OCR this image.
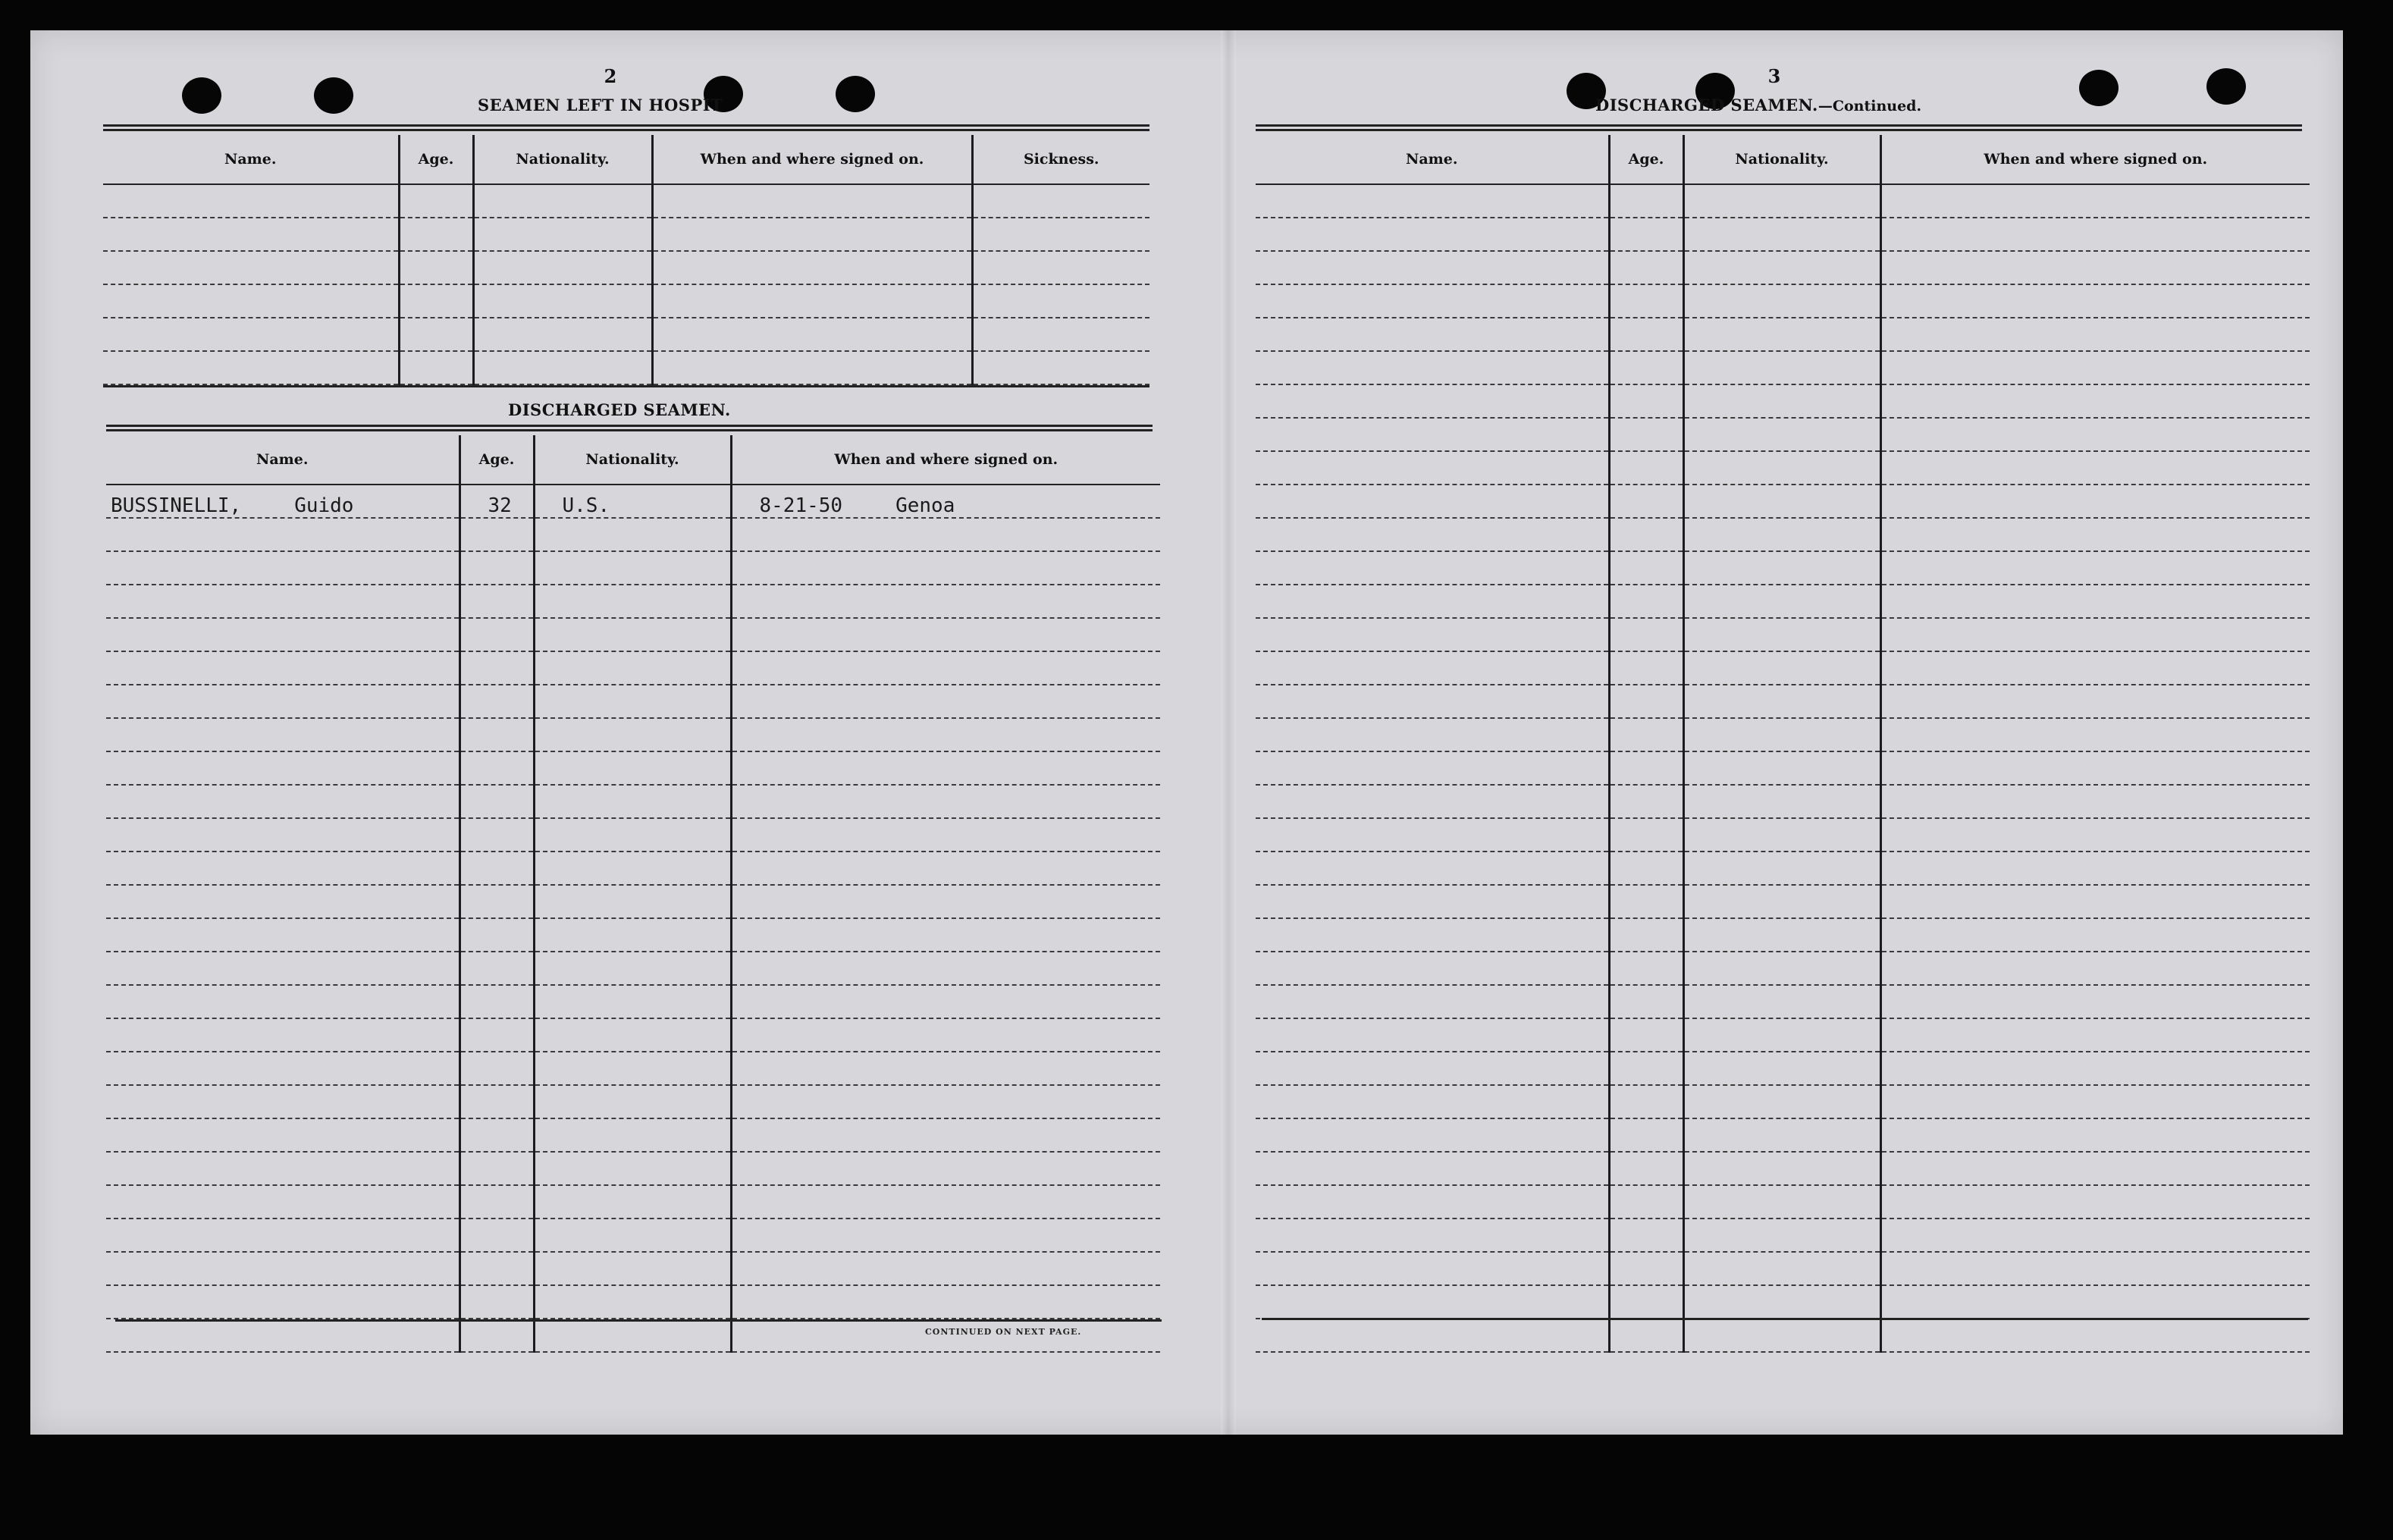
2
SEAMEN LEFT IN HOSPIT
Name.	Age.	Nationality.	When and where signed on.	Sickness.

DISCHARGED SEAMEN.
Name.	Age.	Nationality.	When and where signed on.
BUSSINELLI, Guido	32	U.S.	8-21-50 Genoa

CONTINUED ON NEXT PAGE.
3
DISCHARGED SEAMEN.—Continued.
Name.	Age.	Nationality.	When and where signed on.
